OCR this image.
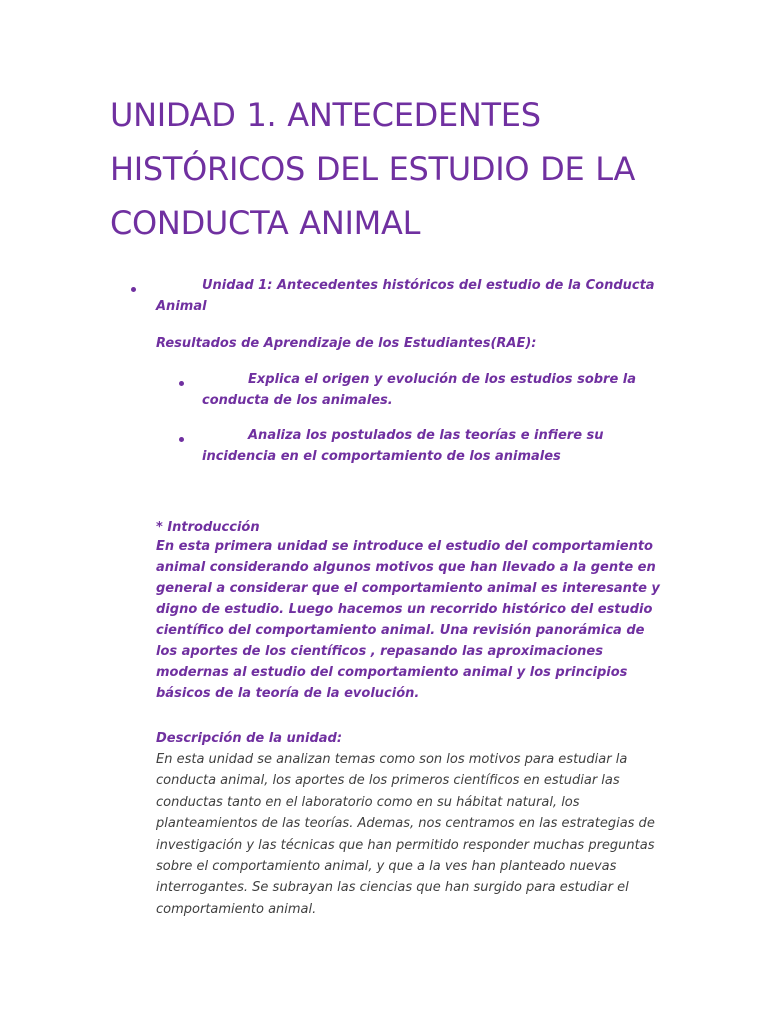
UNIDAD 1. ANTECEDENTES HISTÓRICOS DEL ESTUDIO DE LA CONDUCTA ANIMAL
Unidad 1: Antecedentes históricos del estudio de la Conducta Animal
Resultados de Aprendizaje de los Estudiantes(RAE):
Explica el origen y evolución de los estudios sobre la conducta de los animales.
Analiza los postulados de las teorías e infiere su incidencia en el comportamiento de los animales
* Introducción
En esta primera unidad se introduce el estudio del comportamiento animal considerando algunos motivos que han llevado a la gente en general a considerar que el comportamiento animal es interesante y digno de estudio. Luego hacemos un recorrido histórico del estudio científico del comportamiento animal. Una revisión panorámica de los aportes de los científicos , repasando las aproximaciones modernas al estudio del comportamiento animal y los principios básicos de la teoría de la evolución.
Descripción de la unidad:
En esta unidad se analizan temas como son los motivos para estudiar la conducta animal, los aportes de los primeros científicos en estudiar las conductas tanto en el laboratorio como en su hábitat natural, los planteamientos de las teorías. Ademas, nos centramos en las estrategias de investigación y las técnicas que han permitido responder muchas preguntas sobre el comportamiento animal, y que a la ves han planteado nuevas interrogantes. Se subrayan las ciencias que han surgido para estudiar el comportamiento animal.
